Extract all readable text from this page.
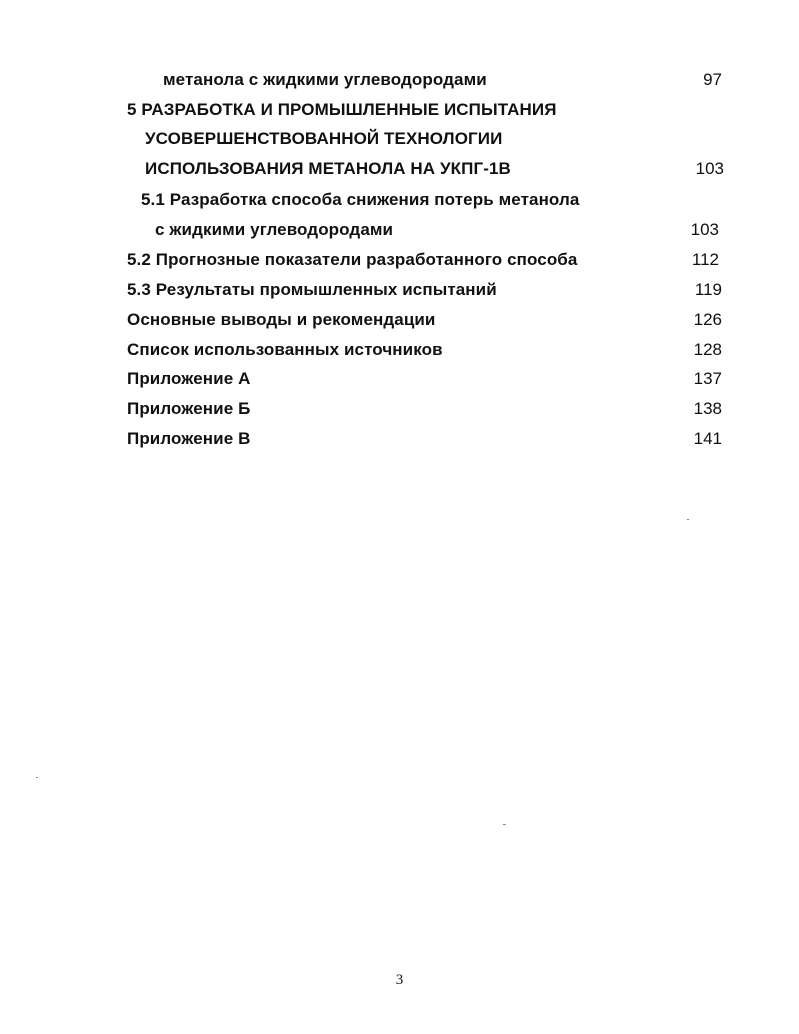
метанола с жидкими углеводородами	97
5 РАЗРАБОТКА И ПРОМЫШЛЕННЫЕ ИСПЫТАНИЯ
УСОВЕРШЕНСТВОВАННОЙ ТЕХНОЛОГИИ
ИСПОЛЬЗОВАНИЯ МЕТАНОЛА НА УКПГ-1В	103
5.1 Разработка способа снижения потерь метанола
с жидкими углеводородами	103
5.2 Прогнозные показатели разработанного способа	112
5.3 Результаты промышленных испытаний	119
Основные выводы и рекомендации	126
Список использованных источников	128
Приложение А	137
Приложение Б	138
Приложение В	141
3
